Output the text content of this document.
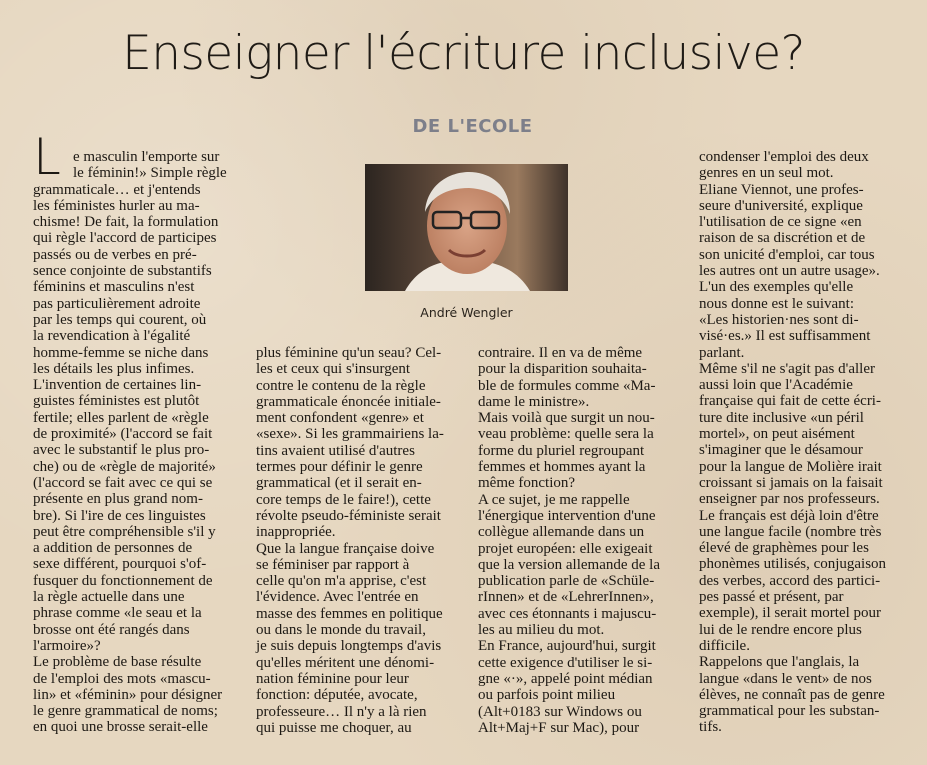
Enseigner l'écriture inclusive?
DE L'ECOLE
André Wengler
L e masculin l'emporte sur
le féminin!» Simple règle
grammaticale… et j'entends
les féministes hurler au ma-
chisme! De fait, la formulation
qui règle l'accord de participes
passés ou de verbes en pré-
sence conjointe de substantifs
féminins et masculins n'est
pas particulièrement adroite
par les temps qui courent, où
la revendication à l'égalité
homme-femme se niche dans
les détails les plus infimes.
L'invention de certaines lin-
guistes féministes est plutôt
fertile; elles parlent de «règle
de proximité» (l'accord se fait
avec le substantif le plus pro-
che) ou de «règle de majorité»
(l'accord se fait avec ce qui se
présente en plus grand nom-
bre). Si l'ire de ces linguistes
peut être compréhensible s'il y
a addition de personnes de
sexe différent, pourquoi s'of-
fusquer du fonctionnement de
la règle actuelle dans une
phrase comme «le seau et la
brosse ont été rangés dans
l'armoire»?
Le problème de base résulte
de l'emploi des mots «mascu-
lin» et «féminin» pour désigner
le genre grammatical de noms;
en quoi une brosse serait-elle
plus féminine qu'un seau? Cel-
les et ceux qui s'insurgent
contre le contenu de la règle
grammaticale énoncée initiale-
ment confondent «genre» et
«sexe». Si les grammairiens la-
tins avaient utilisé d'autres
termes pour définir le genre
grammatical (et il serait en-
core temps de le faire!), cette
révolte pseudo-féministe serait
inappropriée.
Que la langue française doive
se féminiser par rapport à
celle qu'on m'a apprise, c'est
l'évidence. Avec l'entrée en
masse des femmes en politique
ou dans le monde du travail,
je suis depuis longtemps d'avis
qu'elles méritent une dénomi-
nation féminine pour leur
fonction: députée, avocate,
professeure… Il n'y a là rien
qui puisse me choquer, au
contraire. Il en va de même
pour la disparition souhaita-
ble de formules comme «Ma-
dame le ministre».
Mais voilà que surgit un nou-
veau problème: quelle sera la
forme du pluriel regroupant
femmes et hommes ayant la
même fonction?
A ce sujet, je me rappelle
l'énergique intervention d'une
collègue allemande dans un
projet européen: elle exigeait
que la version allemande de la
publication parle de «Schüle-
rInnen» et de «LehrerInnen»,
avec ces étonnants i majuscu-
les au milieu du mot.
En France, aujourd'hui, surgit
cette exigence d'utiliser le si-
gne «·», appelé point médian
ou parfois point milieu
(Alt+0183 sur Windows ou
Alt+Maj+F sur Mac), pour
condenser l'emploi des deux
genres en un seul mot.
Eliane Viennot, une profes-
seure d'université, explique
l'utilisation de ce signe «en
raison de sa discrétion et de
son unicité d'emploi, car tous
les autres ont un autre usage».
L'un des exemples qu'elle
nous donne est le suivant:
«Les historien·nes sont di-
visé·es.» Il est suffisamment
parlant.
Même s'il ne s'agit pas d'aller
aussi loin que l'Académie
française qui fait de cette écri-
ture dite inclusive «un péril
mortel», on peut aisément
s'imaginer que le désamour
pour la langue de Molière irait
croissant si jamais on la faisait
enseigner par nos professeurs.
Le français est déjà loin d'être
une langue facile (nombre très
élevé de graphèmes pour les
phonèmes utilisés, conjugaison
des verbes, accord des partici-
pes passé et présent, par
exemple), il serait mortel pour
lui de le rendre encore plus
difficile.
Rappelons que l'anglais, la
langue «dans le vent» de nos
élèves, ne connaît pas de genre
grammatical pour les substan-
tifs.
